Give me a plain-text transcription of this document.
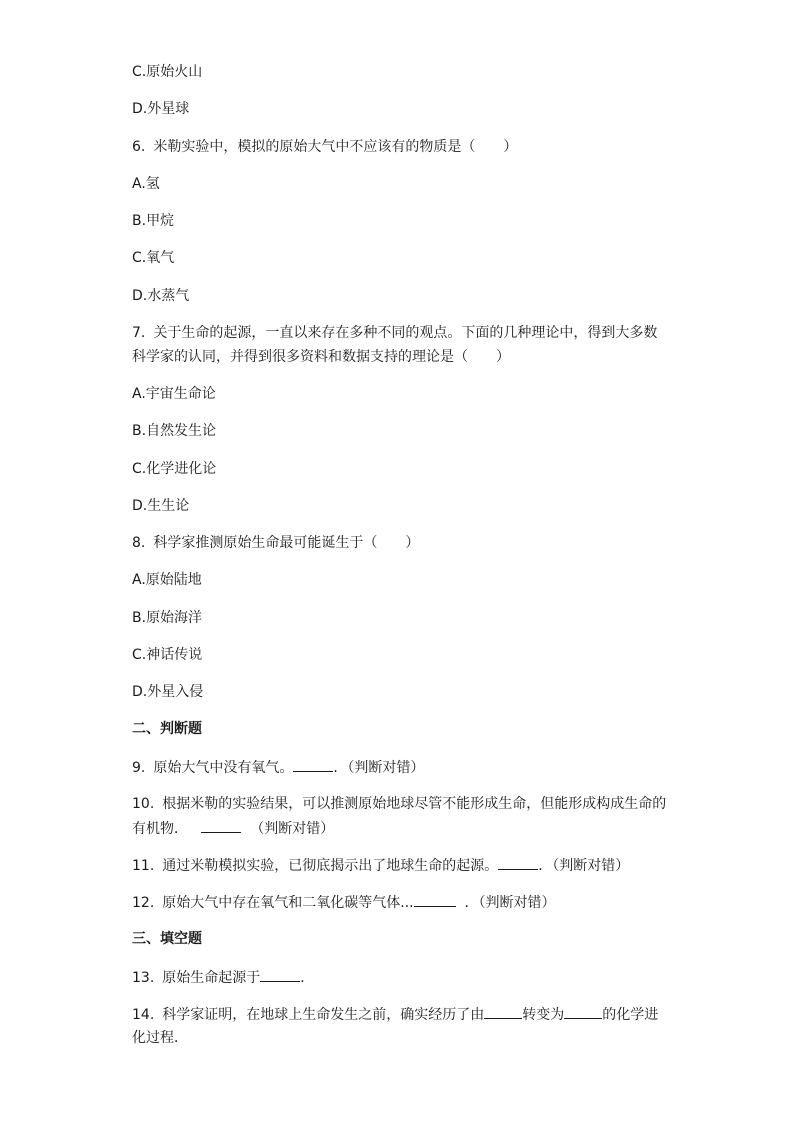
C.原始火山

D.外星球

6. 米勒实验中，模拟的原始大气中不应该有的物质是（　　）

A.氢

B.甲烷

C.氧气

D.水蒸气

7. 关于生命的起源，一直以来存在多种不同的观点。下面的几种理论中，得到大多数

科学家的认同，并得到很多资料和数据支持的理论是（　　）

A.宇宙生命论

B.自然发生论

C.化学进化论

D.生生论

8. 科学家推测原始生命最可能诞生于（　　）

A.原始陆地

B.原始海洋

C.神话传说

D.外星入侵

二、判断题

9. 原始大气中没有氧气。	．（判断对错）

10. 根据米勒的实验结果，可以推测原始地球尽管不能形成生命，但能形成构成生命的

有机物．	（判断对错）

11. 通过米勒模拟实验，已彻底揭示出了地球生命的起源。	．（判断对错）

12. 原始大气中存在氧气和二氧化碳等气体...	．（判断对错）

三、填空题

13. 原始生命起源于	．

14. 科学家证明，在地球上生命发生之前，确实经历了由	转变为	的化学进

化过程．
